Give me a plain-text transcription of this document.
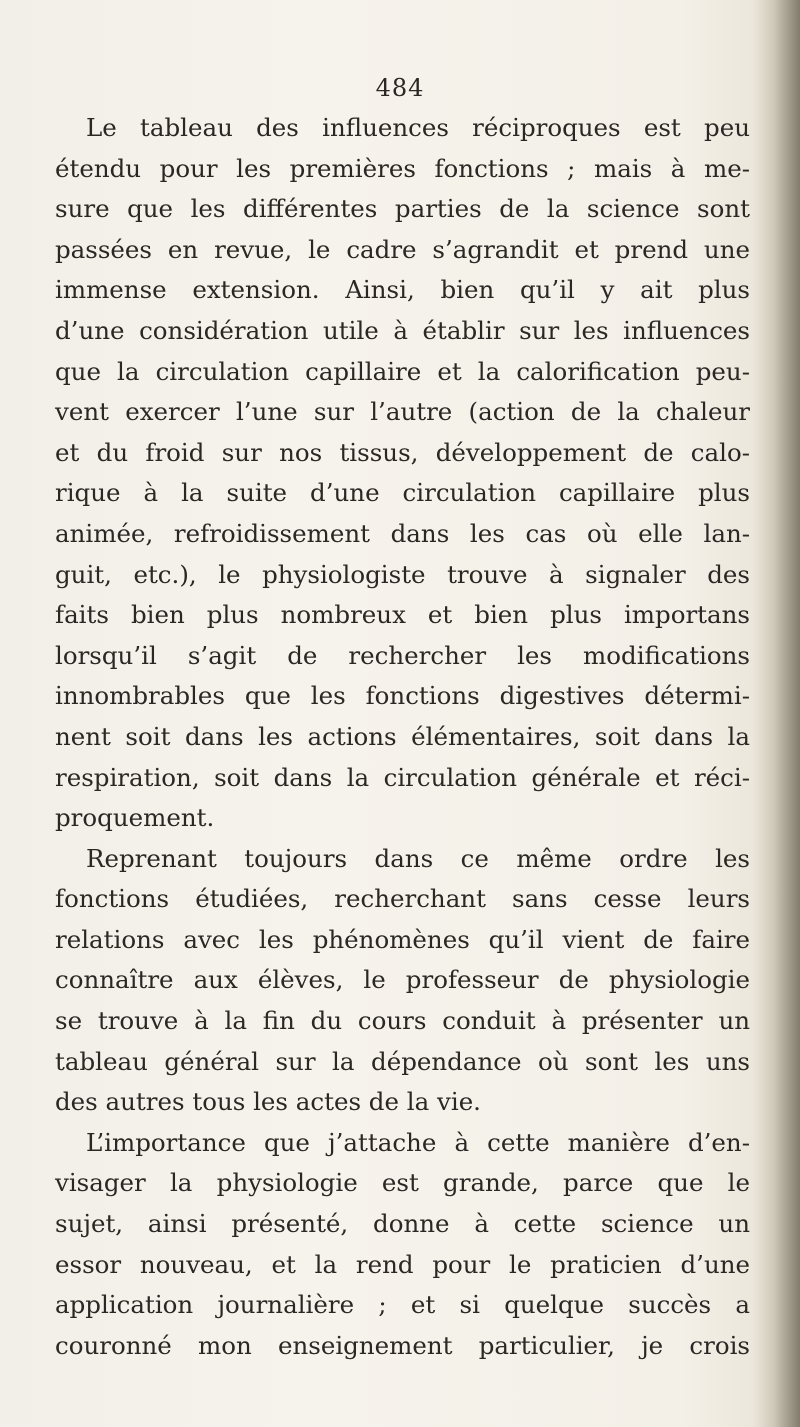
484
Le tableau des influences réciproques est peu
étendu pour les premières fonctions ; mais à me-
sure que les différentes parties de la science sont
passées en revue, le cadre s’agrandit et prend une
immense extension. Ainsi, bien qu’il y ait plus
d’une considération utile à établir sur les influences
que la circulation capillaire et la calorification peu-
vent exercer l’une sur l’autre (action de la chaleur
et du froid sur nos tissus, développement de calo-
rique à la suite d’une circulation capillaire plus
animée, refroidissement dans les cas où elle lan-
guit, etc.), le physiologiste trouve à signaler des
faits bien plus nombreux et bien plus importans
lorsqu’il s’agit de rechercher les modifications
innombrables que les fonctions digestives détermi-
nent soit dans les actions élémentaires, soit dans la
respiration, soit dans la circulation générale et réci-
proquement.
Reprenant toujours dans ce même ordre les
fonctions étudiées, recherchant sans cesse leurs
relations avec les phénomènes qu’il vient de faire
connaître aux élèves, le professeur de physiologie
se trouve à la fin du cours conduit à présenter un
tableau général sur la dépendance où sont les uns
des autres tous les actes de la vie.
L’importance que j’attache à cette manière d’en-
visager la physiologie est grande, parce que le
sujet, ainsi présenté, donne à cette science un
essor nouveau, et la rend pour le praticien d’une
application journalière ; et si quelque succès a
couronné mon enseignement particulier, je crois
